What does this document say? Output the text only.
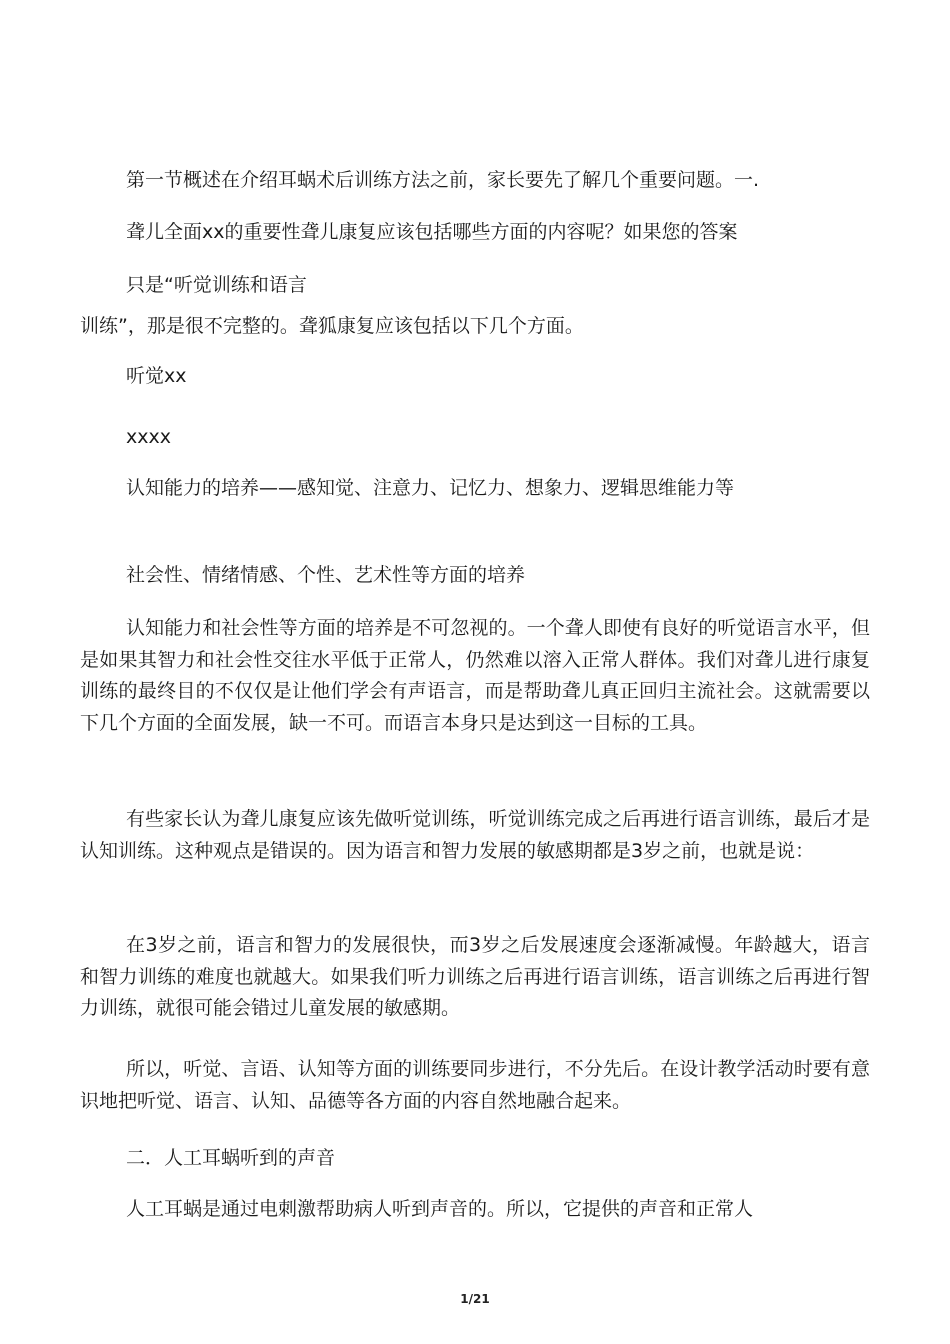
第一节概述在介绍耳蜗术后训练方法之前，家长要先了解几个重要问题。一.

聋儿全面xx的重要性聋儿康复应该包括哪些方面的内容呢？如果您的答案

只是“听觉训练和语言

训练”，那是很不完整的。聋狐康复应该包括以下几个方面。

听觉xx

xxxx

认知能力的培养——感知觉、注意力、记忆力、想象力、逻辑思维能力等

社会性、情绪情感、个性、艺术性等方面的培养

认知能力和社会性等方面的培养是不可忽视的。一个聋人即使有良好的听觉语言水平，但是如果其智力和社会性交往水平低于正常人，仍然难以溶入正常人群体。我们对聋儿进行康复训练的最终目的不仅仅是让他们学会有声语言，而是帮助聋儿真正回归主流社会。这就需要以下几个方面的全面发展，缺一不可。而语言本身只是达到这一目标的工具。

有些家长认为聋儿康复应该先做听觉训练，听觉训练完成之后再进行语言训练，最后才是认知训练。这种观点是错误的。因为语言和智力发展的敏感期都是3岁之前，也就是说：

在3岁之前，语言和智力的发展很快，而3岁之后发展速度会逐渐减慢。年龄越大，语言和智力训练的难度也就越大。如果我们听力训练之后再进行语言训练，语言训练之后再进行智力训练，就很可能会错过儿童发展的敏感期。

所以，听觉、言语、认知等方面的训练要同步进行，不分先后。在设计教学活动时要有意识地把听觉、语言、认知、品德等各方面的内容自然地融合起来。

二．人工耳蜗听到的声音

人工耳蜗是通过电刺激帮助病人听到声音的。所以，它提供的声音和正常人

1/21
